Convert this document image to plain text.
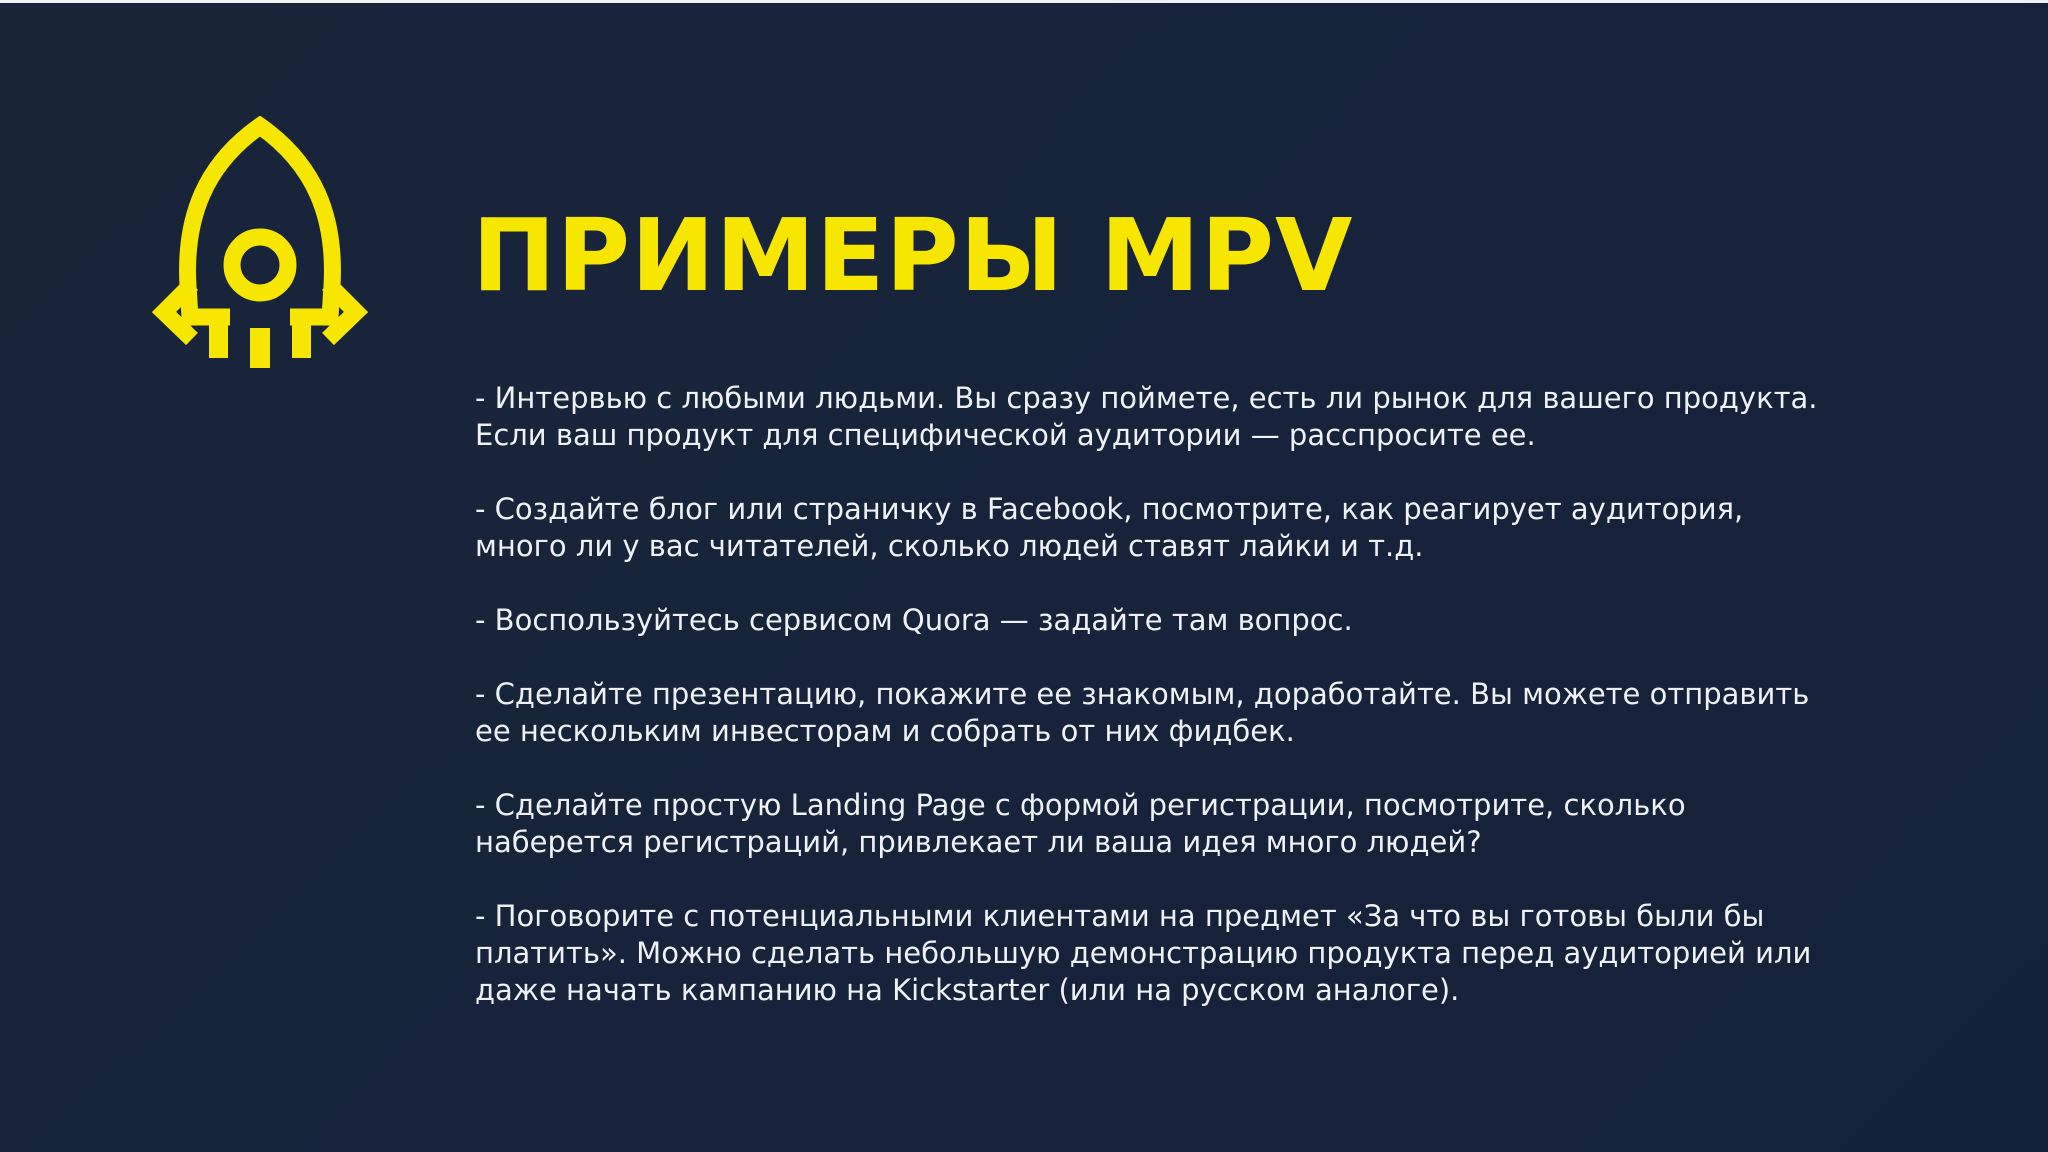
ПРИМЕРЫ MPV
- Интервью с любыми людьми. Вы сразу поймете, есть ли рынок для вашего продукта.
Если ваш продукт для специфической аудитории — расспросите ее.
- Создайте блог или страничку в Facebook, посмотрите, как реагирует аудитория,
много ли у вас читателей, сколько людей ставят лайки и т.д.
- Воспользуйтесь сервисом Quora — задайте там вопрос.
- Сделайте презентацию, покажите ее знакомым, доработайте. Вы можете отправить
ее нескольким инвесторам и собрать от них фидбек.
- Сделайте простую Landing Page с формой регистрации, посмотрите, сколько
наберется регистраций, привлекает ли ваша идея много людей?
- Поговорите с потенциальными клиентами на предмет «За что вы готовы были бы
платить». Можно сделать небольшую демонстрацию продукта перед аудиторией или
даже начать кампанию на Kickstarter (или на русском аналоге).
